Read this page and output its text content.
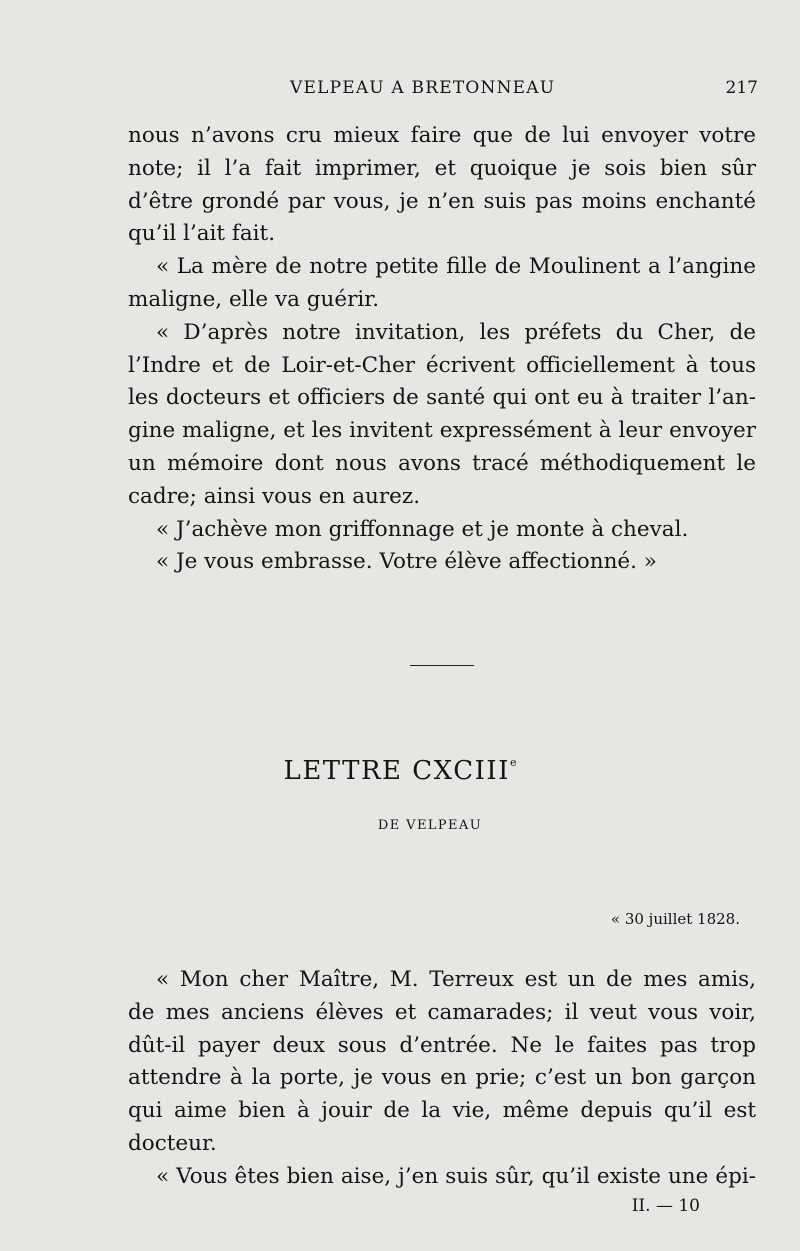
VELPEAU A BRETONNEAU	217
nous n’avons cru mieux faire que de lui envoyer votre
note; il l’a fait imprimer, et quoique je sois bien sûr
d’être grondé par vous, je n’en suis pas moins enchanté
qu’il l’ait fait.
« La mère de notre petite fille de Moulinent a l’angine
maligne, elle va guérir.
« D’après notre invitation, les préfets du Cher, de
l’Indre et de Loir-et-Cher écrivent officiellement à tous
les docteurs et officiers de santé qui ont eu à traiter l’an-
gine maligne, et les invitent expressément à leur envoyer
un mémoire dont nous avons tracé méthodiquement le
cadre; ainsi vous en aurez.
« J’achève mon griffonnage et je monte à cheval.
« Je vous embrasse. Votre élève affectionné. »
LETTRE CXCIIIe
DE VELPEAU
« 30 juillet 1828.
« Mon cher Maître, M. Terreux est un de mes amis,
de mes anciens élèves et camarades; il veut vous voir,
dût-il payer deux sous d’entrée. Ne le faites pas trop
attendre à la porte, je vous en prie; c’est un bon garçon
qui aime bien à jouir de la vie, même depuis qu’il est
docteur.
« Vous êtes bien aise, j’en suis sûr, qu’il existe une épi-
II. — 10
